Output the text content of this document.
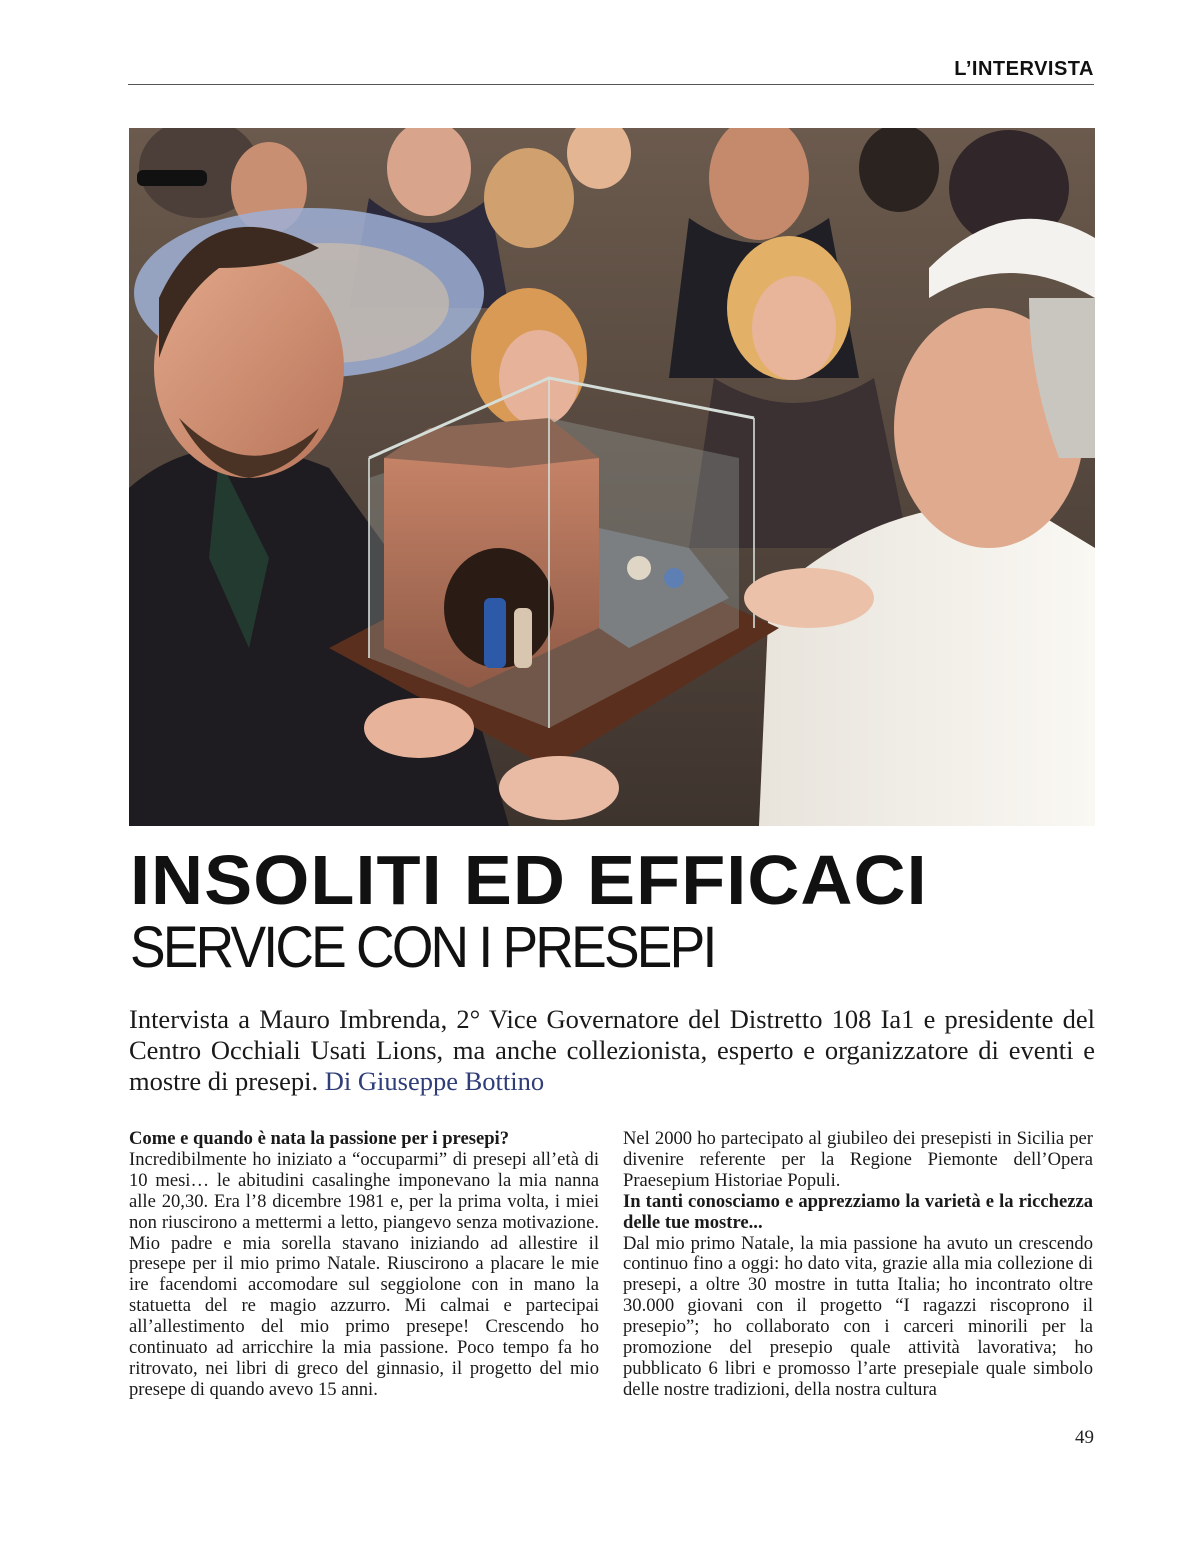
L’INTERVISTA
INSOLITI ED EFFICACI
SERVICE CON I PRESEPI

Intervista a Mauro Imbrenda, 2° Vice Governatore del Distretto 108 Ia1 e presidente del Centro Occhiali Usati Lions, ma anche collezionista, esperto e organizzatore di eventi e mostre di presepi. Di Giuseppe Bottino

Come e quando è nata la passione per i presepi?

Incredibilmente ho iniziato a “occuparmi” di presepi all’età di 10 mesi… le abitudini casalinghe imponevano la mia nanna alle 20,30. Era l’8 dicembre 1981 e, per la prima volta, i miei non riuscirono a mettermi a letto, piangevo senza motivazione. Mio padre e mia sorella stavano iniziando ad allestire il presepe per il mio primo Natale. Riuscirono a placare le mie ire facendomi accomodare sul seggiolone con in mano la statuetta del re magio azzurro. Mi calmai e partecipai all’allestimento del mio primo presepe! Crescendo ho continuato ad arricchire la mia passione. Poco tempo fa ho ritrovato, nei libri di greco del ginnasio, il progetto del mio presepe di quando avevo 15 anni.

Nel 2000 ho partecipato al giubileo dei presepisti in Sicilia per divenire referente per la Regione Piemonte dell’Opera Praesepium Historiae Populi.

In tanti conosciamo e apprezziamo la varietà e la ricchezza delle tue mostre...

Dal mio primo Natale, la mia passione ha avuto un crescendo continuo fino a oggi: ho dato vita, grazie alla mia collezione di presepi, a oltre 30 mostre in tutta Italia; ho incontrato oltre 30.000 giovani con il progetto “I ragazzi riscoprono il presepio”; ho collaborato con i carceri minorili per la promozione del presepio quale attività lavorativa; ho pubblicato 6 libri e promosso l’arte presepiale quale simbolo delle nostre tradizioni, della nostra cultura

49
